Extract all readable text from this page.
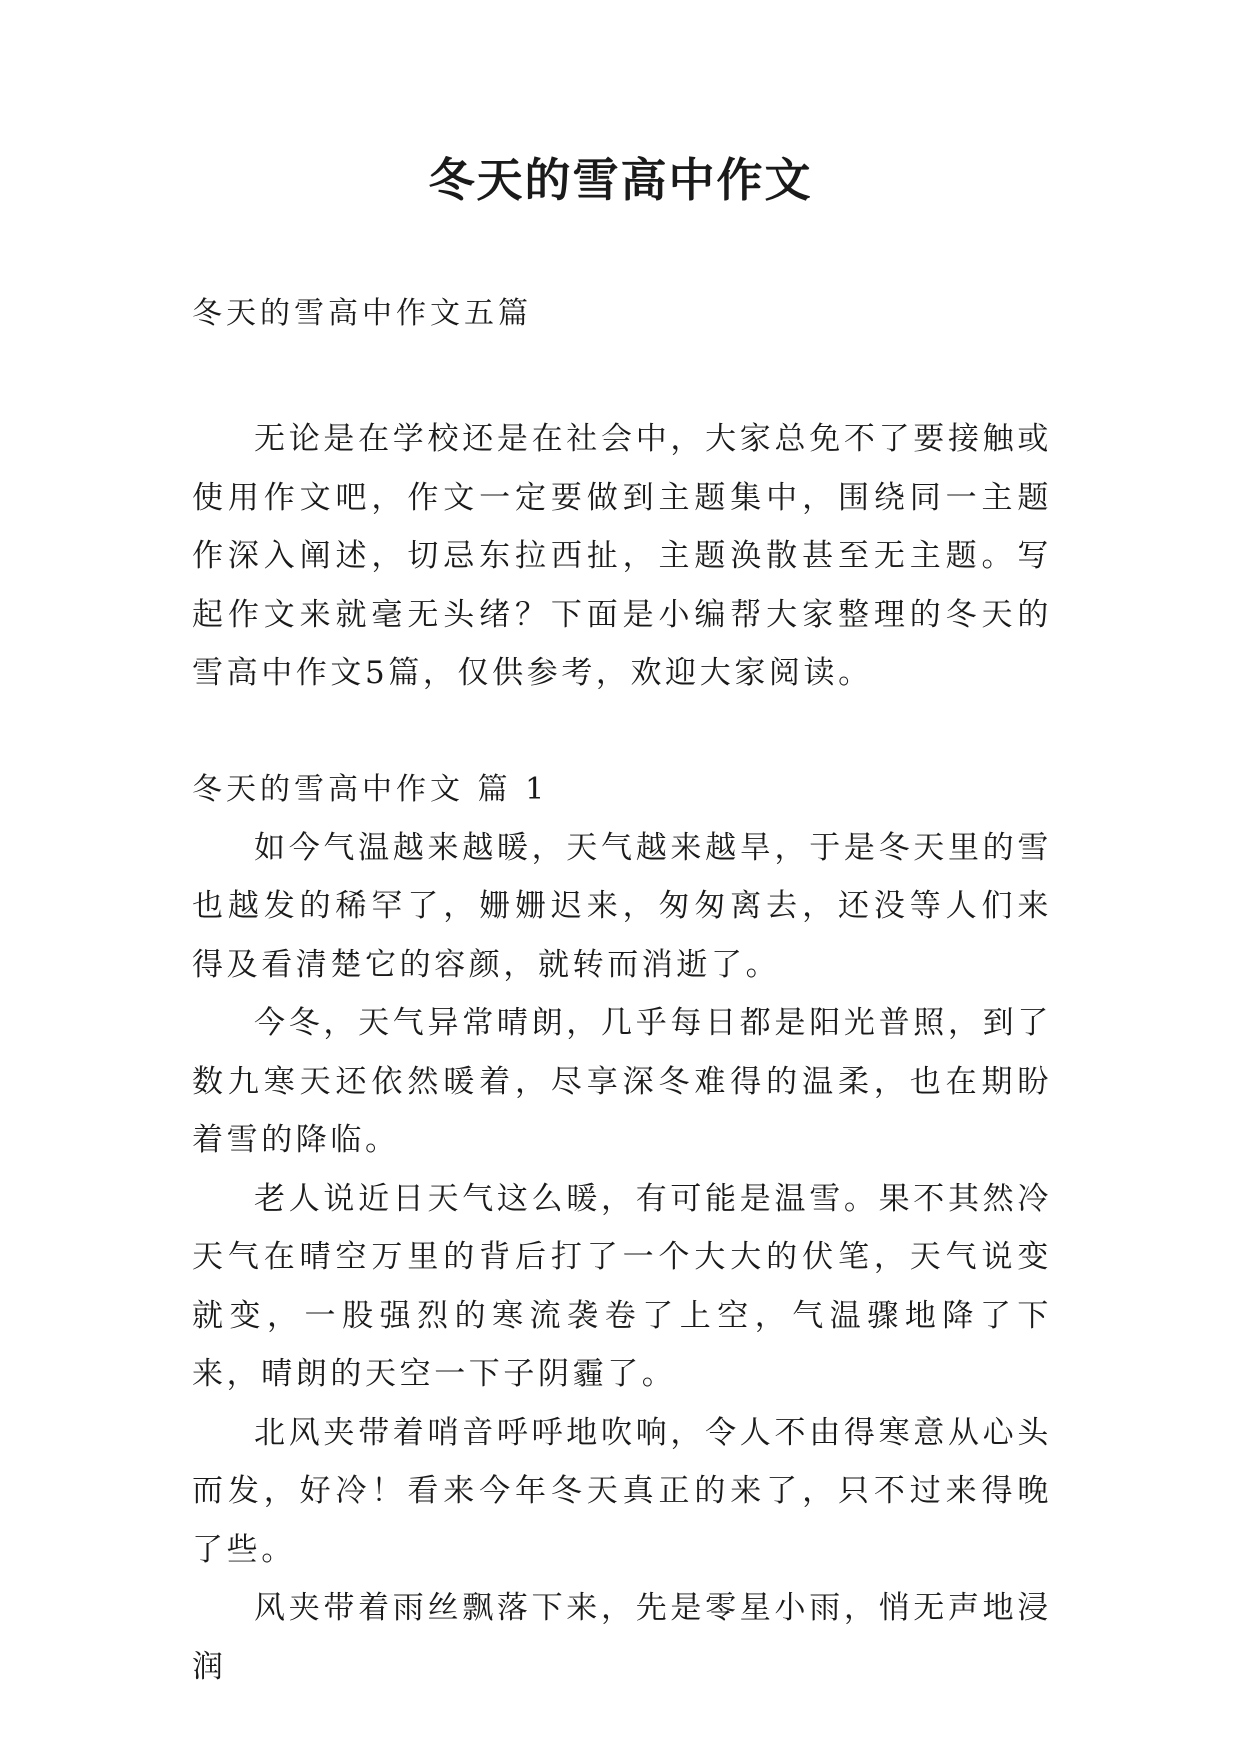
冬天的雪高中作文
冬天的雪高中作文五篇

无论是在学校还是在社会中，大家总免不了要接触或使用作文吧，作文一定要做到主题集中，围绕同一主题作深入阐述，切忌东拉西扯，主题涣散甚至无主题。写起作文来就毫无头绪？下面是小编帮大家整理的冬天的雪高中作文5篇，仅供参考，欢迎大家阅读。

冬天的雪高中作文 篇 1

如今气温越来越暖，天气越来越旱，于是冬天里的雪也越发的稀罕了，姗姗迟来，匆匆离去，还没等人们来得及看清楚它的容颜，就转而消逝了。

今冬，天气异常晴朗，几乎每日都是阳光普照，到了数九寒天还依然暖着，尽享深冬难得的温柔，也在期盼着雪的降临。

老人说近日天气这么暖，有可能是温雪。果不其然冷天气在晴空万里的背后打了一个大大的伏笔，天气说变就变，一股强烈的寒流袭卷了上空，气温骤地降了下来，晴朗的天空一下子阴霾了。

北风夹带着哨音呼呼地吹响，令人不由得寒意从心头而发，好冷！看来今年冬天真正的来了，只不过来得晚了些。

风夹带着雨丝飘落下来，先是零星小雨，悄无声地浸润
